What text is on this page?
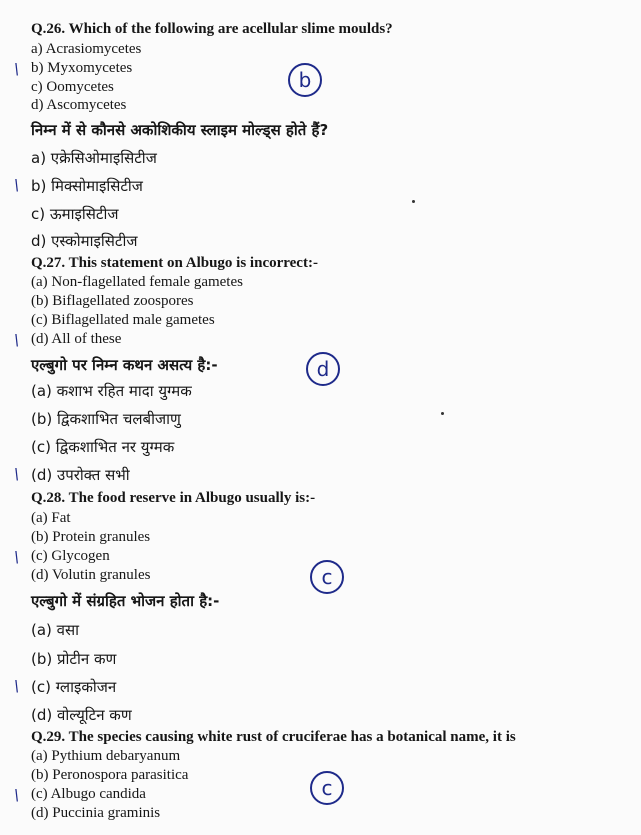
Q.26. Which of the following are acellular slime moulds?
a) Acrasiomycetes
b) Myxomycetes
\
c) Oomycetes
d) Ascomycetes
b
निम्न में से कौनसे अकोशिकीय स्लाइम मोल्ड्स होते हैं?
a) एक्रेसिओमाइसिटीज
b) मिक्सोमाइसिटीज
\
c) ऊमाइसिटीज
d) एस्कोमाइसिटीज
Q.27. This statement on Albugo is incorrect:-
(a) Non-flagellated female gametes
(b) Biflagellated zoospores
(c) Biflagellated male gametes
(d) All of these
\
एल्बुगो पर निम्न कथन असत्य है:-	d
(a) कशाभ रहित मादा युग्मक
(b) द्विकशाभित चलबीजाणु
(c) द्विकशाभित नर युग्मक
(d) उपरोक्त सभी
\
Q.28. The food reserve in Albugo usually is:-
(a) Fat
(b) Protein granules
(c) Glycogen
\
(d) Volutin granules	c
एल्बुगो में संग्रहित भोजन होता है:-
(a) वसा
(b) प्रोटीन कण
(c) ग्लाइकोजन
\
(d) वोल्यूटिन कण
Q.29. The species causing white rust of cruciferae has a botanical name, it is
(a) Pythium debaryanum
(b) Peronospora parasitica
(c) Albugo candida
\
(d) Puccinia graminis
c
